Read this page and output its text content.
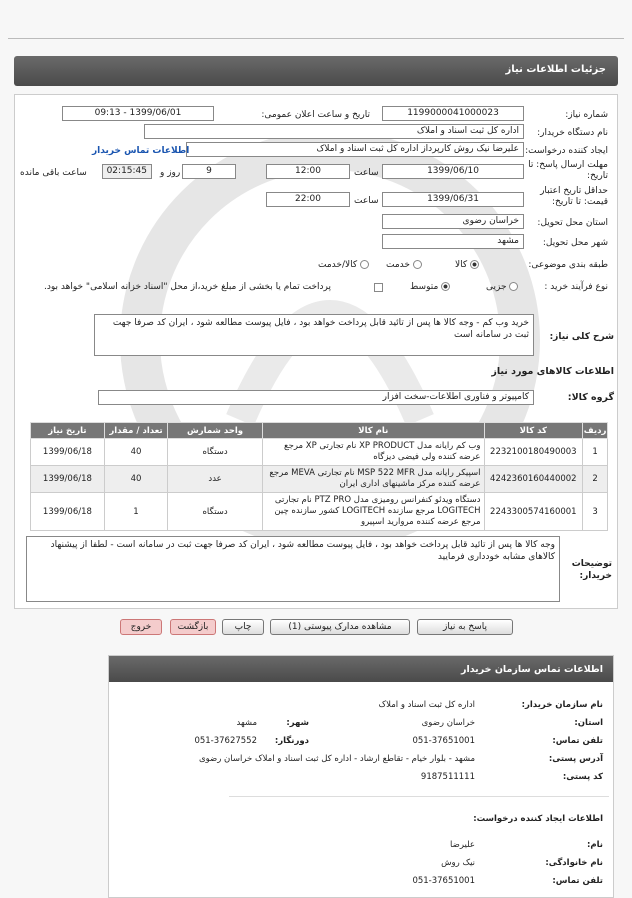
جزئیات اطلاعات نیاز
شماره نیاز:
1199000041000023
تاریخ و ساعت اعلان عمومی:
1399/06/01 - 09:13
نام دستگاه خریدار:
اداره کل ثبت اسناد و املاک
ایجاد کننده درخواست:
علیرضا نیک روش کارپرداز اداره کل ثبت اسناد و املاک
اطلاعات تماس خریدار
مهلت ارسال پاسخ: تا تاریخ:
1399/06/10
ساعت
12:00
9
روز و
02:15:45
ساعت باقی مانده
حداقل تاریخ اعتبار قیمت: تا تاریخ:
1399/06/31
ساعت
22:00
استان محل تحویل:
خراسان رضوی
شهر محل تحویل:
مشهد
طبقه بندی موضوعی:
کالا
خدمت
کالا/خدمت
نوع فرآیند خرید :
جزیی
متوسط
پرداخت تمام یا بخشی از مبلغ خرید،از محل "اسناد خزانه اسلامی" خواهد بود.
شرح کلی نیاز:
خرید وب کم - وجه کالا ها پس از تائید قابل پرداخت خواهد بود ، فایل پیوست مطالعه شود ، ایران کد صرفا جهت ثبت در سامانه است
اطلاعات کالاهای مورد نیاز
گروه کالا:
کامپیوتر و فناوری اطلاعات-سخت افزار
ردیف	کد کالا	نام کالا	واحد شمارش	تعداد / مقدار	تاریخ نیاز
1	2232100180490003	وب کم رایانه مدل XP PRODUCT نام تجارتی XP مرجع عرضه کننده ولی فیضی دیزگاه	دستگاه	40	1399/06/18
2	4242360160440002	اسپیکر رایانه مدل MSP 522 MFR نام تجارتی MEVA مرجع عرضه کننده مرکز ماشینهای اداری ایران	عدد	40	1399/06/18
3	2243300574160001	دستگاه ویدئو کنفرانس رومیزی مدل PTZ PRO نام تجارتی LOGITECH مرجع سازنده LOGITECH کشور سازنده چین مرجع عرضه کننده مروارید اسپیرو	دستگاه	1	1399/06/18
توضیحات خریدار:
وجه کالا ها پس از تائید قابل پرداخت خواهد بود ، فایل پیوست مطالعه شود ، ایران کد صرفا جهت ثبت در سامانه است - لطفا از پیشنهاد کالاهای مشابه خودداری فرمایید
پاسخ به نیاز
مشاهده مدارک پیوستی (1)
چاپ
بازگشت
خروج
اطلاعات تماس سازمان خریدار
نام سازمان خریدار:
اداره کل ثبت اسناد و املاک
استان:
خراسان رضوی
شهر:
مشهد
تلفن تماس:
051-37651001
دورنگار:
051-37627552
آدرس پستی:
مشهد - بلوار خیام - تقاطع ارشاد - اداره کل ثبت اسناد و املاک خراسان رضوی
کد پستی:
9187511111
اطلاعات ایجاد کننده درخواست:
نام:
علیرضا
نام خانوادگی:
نیک روش
تلفن تماس:
051-37651001
